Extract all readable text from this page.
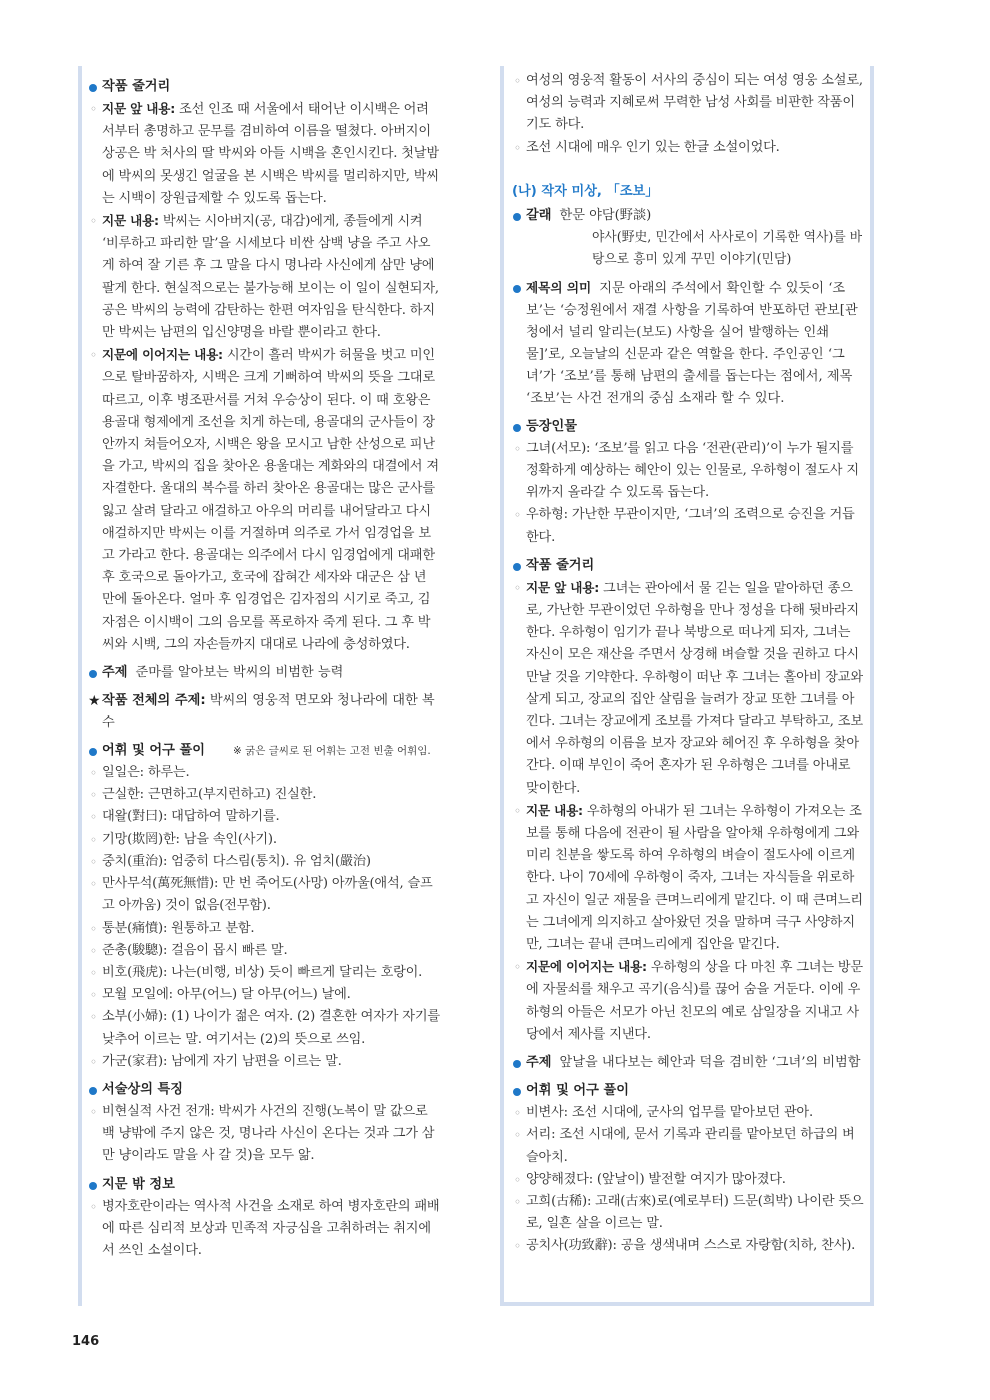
작품 줄거리
◦ 지문 앞 내용: 조선 인조 때 서울에서 태어난 이시백은 어려서부터 총명하고 문무를 겸비하여 이름을 떨쳤다. 아버지이 상공은 박 처사의 딸 박씨와 아들 시백을 혼인시킨다. 첫날밤에 박씨의 못생긴 얼굴을 본 시백은 박씨를 멀리하지만, 박씨는 시백이 장원급제할 수 있도록 돕는다.
◦ 지문 내용: 박씨는 시아버지(공, 대감)에게, 종들에게 시켜 ‘비루하고 파리한 말’을 시세보다 비싼 삼백 냥을 주고 사오게 하여 잘 기른 후 그 말을 다시 명나라 사신에게 삼만 냥에 팔게 한다. 현실적으로는 불가능해 보이는 이 일이 실현되자, 공은 박씨의 능력에 감탄하는 한편 여자임을 탄식한다. 하지만 박씨는 남편의 입신양명을 바랄 뿐이라고 한다.
◦ 지문에 이어지는 내용: 시간이 흘러 박씨가 허물을 벗고 미인으로 탈바꿈하자, 시백은 크게 기뻐하여 박씨의 뜻을 그대로 따르고, 이후 병조판서를 거쳐 우승상이 된다. 이 때 호왕은 용골대 형제에게 조선을 치게 하는데, 용골대의 군사들이 장안까지 쳐들어오자, 시백은 왕을 모시고 남한 산성으로 피난을 가고, 박씨의 집을 찾아온 용울대는 계화와의 대결에서 져 자결한다. 울대의 복수를 하러 찾아온 용골대는 많은 군사를 잃고 살려 달라고 애걸하고 아우의 머리를 내어달라고 다시 애걸하지만 박씨는 이를 거절하며 의주로 가서 임경업을 보고 가라고 한다. 용골대는 의주에서 다시 임경업에게 대패한 후 호국으로 돌아가고, 호국에 잡혀간 세자와 대군은 삼 년 만에 돌아온다. 얼마 후 임경업은 김자점의 시기로 죽고, 김자점은 이시백이 그의 음모를 폭로하자 죽게 된다. 그 후 박씨와 시백, 그의 자손들까지 대대로 나라에 충성하였다.
주제 준마를 알아보는 박씨의 비범한 능력
★ 작품 전체의 주제: 박씨의 영웅적 면모와 청나라에 대한 복수
어휘 및 어구 풀이	※ 굵은 글씨로 된 어휘는 고전 빈출 어휘임.
◦ 일일은: 하루는.
◦ 근실한: 근면하고(부지런하고) 진실한.
◦ 대왈(對曰): 대답하여 말하기를.
◦ 기망(欺罔)한: 남을 속인(사기).
◦ 중치(重治): 엄중히 다스림(통치). 유 엄치(嚴治)
◦ 만사무석(萬死無惜): 만 번 죽어도(사망) 아까울(애석, 슬프고 아까움) 것이 없음(전무함).
◦ 통분(痛憤): 원통하고 분함.
◦ 준총(駿驄): 걸음이 몹시 빠른 말.
◦ 비호(飛虎): 나는(비행, 비상) 듯이 빠르게 달리는 호랑이.
◦ 모월 모일에: 아무(어느) 달 아무(어느) 날에.
◦ 소부(小婦): (1) 나이가 젊은 여자. (2) 결혼한 여자가 자기를 낮추어 이르는 말. 여기서는 (2)의 뜻으로 쓰임.
◦ 가군(家君): 남에게 자기 남편을 이르는 말.
서술상의 특징
◦ 비현실적 사건 전개: 박씨가 사건의 진행(노복이 말 값으로 백 냥밖에 주지 않은 것, 명나라 사신이 온다는 것과 그가 삼만 냥이라도 말을 사 갈 것)을 모두 앎.
지문 밖 정보
◦ 병자호란이라는 역사적 사건을 소재로 하여 병자호란의 패배에 따른 심리적 보상과 민족적 자긍심을 고취하려는 취지에서 쓰인 소설이다.
◦ 여성의 영웅적 활동이 서사의 중심이 되는 여성 영웅 소설로, 여성의 능력과 지혜로써 무력한 남성 사회를 비판한 작품이기도 하다.
◦ 조선 시대에 매우 인기 있는 한글 소설이었다.
(나) 작자 미상, 「조보」
갈래 한문 야담(野談)
야사(野史, 민간에서 사사로이 기록한 역사)를 바탕으로 흥미 있게 꾸민 이야기(민담)
제목의 의미 지문 아래의 주석에서 확인할 수 있듯이 ‘조보’는 ‘승정원에서 재결 사항을 기록하여 반포하던 관보[관청에서 널리 알리는(보도) 사항을 실어 발행하는 인쇄물]’로, 오늘날의 신문과 같은 역할을 한다. 주인공인 ‘그녀’가 ‘조보’를 통해 남편의 출세를 돕는다는 점에서, 제목 ‘조보’는 사건 전개의 중심 소재라 할 수 있다.
등장인물
◦ 그녀(서모): ‘조보’를 읽고 다음 ‘전관(관리)’이 누가 될지를 정확하게 예상하는 혜안이 있는 인물로, 우하형이 절도사 지위까지 올라갈 수 있도록 돕는다.
◦ 우하형: 가난한 무관이지만, ‘그녀’의 조력으로 승진을 거듭한다.
작품 줄거리
◦ 지문 앞 내용: 그녀는 관아에서 물 긷는 일을 맡아하던 종으로, 가난한 무관이었던 우하형을 만나 정성을 다해 뒷바라지한다. 우하형이 임기가 끝나 북방으로 떠나게 되자, 그녀는 자신이 모은 재산을 주면서 상경해 벼슬할 것을 권하고 다시 만날 것을 기약한다. 우하형이 떠난 후 그녀는 홀아비 장교와 살게 되고, 장교의 집안 살림을 늘려가 장교 또한 그녀를 아낀다. 그녀는 장교에게 조보를 가져다 달라고 부탁하고, 조보에서 우하형의 이름을 보자 장교와 헤어진 후 우하형을 찾아간다. 이때 부인이 죽어 혼자가 된 우하형은 그녀를 아내로 맞이한다.
◦ 지문 내용: 우하형의 아내가 된 그녀는 우하형이 가져오는 조보를 통해 다음에 전관이 될 사람을 알아채 우하형에게 그와 미리 친분을 쌓도록 하여 우하형의 벼슬이 절도사에 이르게 한다. 나이 70세에 우하형이 죽자, 그녀는 자식들을 위로하고 자신이 일군 재물을 큰며느리에게 맡긴다. 이 때 큰며느리는 그녀에게 의지하고 살아왔던 것을 말하며 극구 사양하지만, 그녀는 끝내 큰며느리에게 집안을 맡긴다.
◦ 지문에 이어지는 내용: 우하형의 상을 다 마친 후 그녀는 방문에 자물쇠를 채우고 곡기(음식)를 끊어 숨을 거둔다. 이에 우하형의 아들은 서모가 아닌 친모의 예로 삼일장을 지내고 사당에서 제사를 지낸다.
주제 앞날을 내다보는 혜안과 덕을 겸비한 ‘그녀’의 비범함
어휘 및 어구 풀이
◦ 비변사: 조선 시대에, 군사의 업무를 맡아보던 관아.
◦ 서리: 조선 시대에, 문서 기록과 관리를 맡아보던 하급의 벼슬아치.
◦ 양양해졌다: (앞날이) 발전할 여지가 많아졌다.
◦ 고희(古稀): 고래(古來)로(예로부터) 드문(희박) 나이란 뜻으로, 일흔 살을 이르는 말.
◦ 공치사(功致辭): 공을 생색내며 스스로 자랑함(치하, 찬사).
146
